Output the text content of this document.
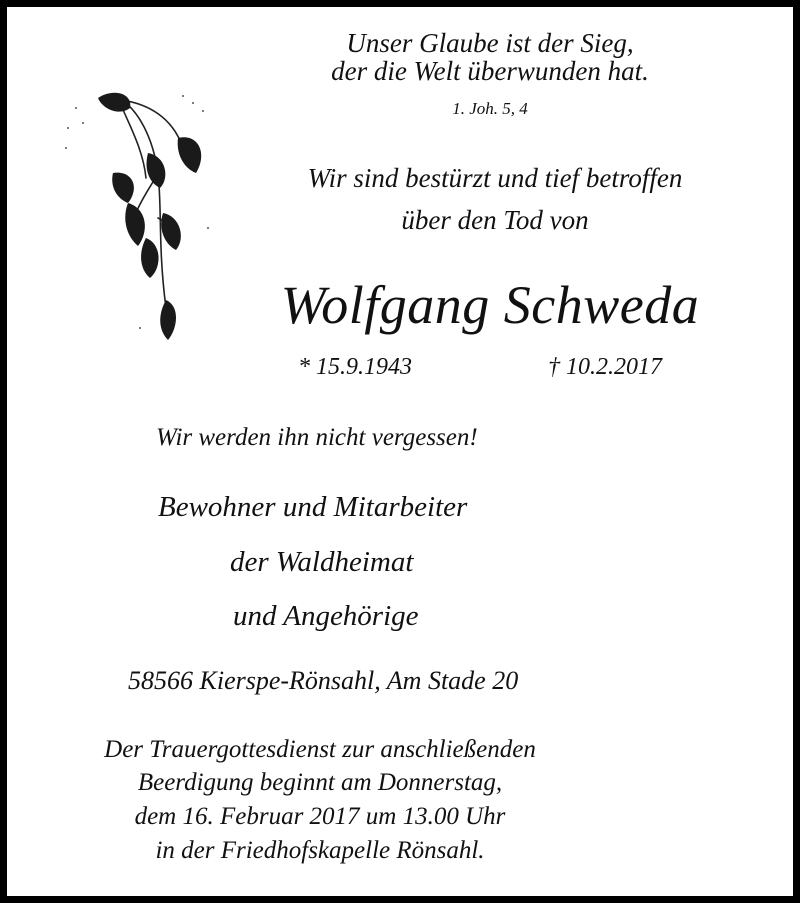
Unser Glaube ist der Sieg,
der die Welt überwunden hat.
1. Joh. 5, 4
Wir sind bestürzt und tief betroffen
über den Tod von
Wolfgang Schweda
* 15.9.1943	† 10.2.2017
Wir werden ihn nicht vergessen!
Bewohner und Mitarbeiter
der Waldheimat
und Angehörige
58566 Kierspe-Rönsahl, Am Stade 20
Der Trauergottesdienst zur anschließenden
Beerdigung beginnt am Donnerstag,
dem 16. Februar 2017 um 13.00 Uhr
in der Friedhofskapelle Rönsahl.
